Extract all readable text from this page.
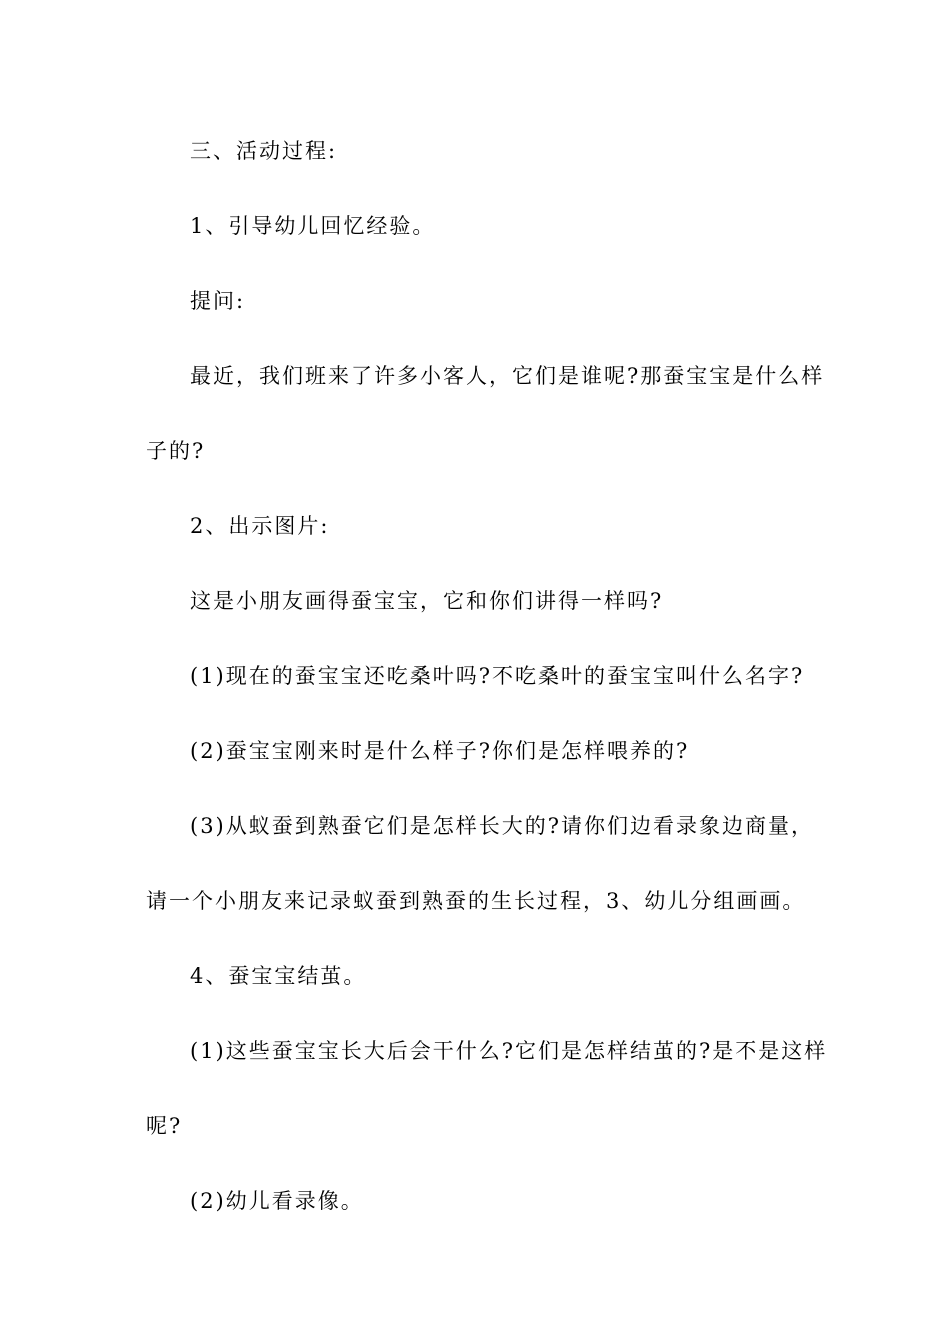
三、活动过程:

1、引导幼儿回忆经验。

提问:

最近，我们班来了许多小客人，它们是谁呢?那蚕宝宝是什么样

子的?

2、出示图片:

这是小朋友画得蚕宝宝，它和你们讲得一样吗?

(1)现在的蚕宝宝还吃桑叶吗?不吃桑叶的蚕宝宝叫什么名字?

(2)蚕宝宝刚来时是什么样子?你们是怎样喂养的?

(3)从蚁蚕到熟蚕它们是怎样长大的?请你们边看录象边商量，

请一个小朋友来记录蚁蚕到熟蚕的生长过程，3、幼儿分组画画。

4、蚕宝宝结茧。

(1)这些蚕宝宝长大后会干什么?它们是怎样结茧的?是不是这样

呢?

(2)幼儿看录像。
